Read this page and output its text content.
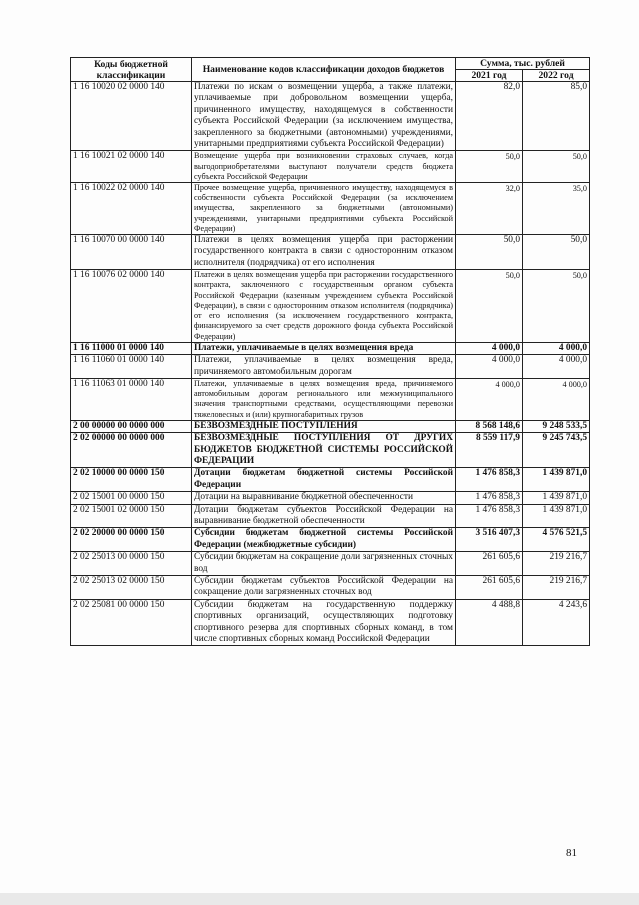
Коды бюджетной классификации	Наименование кодов классификации доходов бюджетов	Сумма, тыс. рублей	
		2021 год	2022 год
1 16 10020 02 0000 140	Платежи по искам о возмещении ущерба, а также платежи, уплачиваемые при добровольном возмещении ущерба, причиненного имуществу, находящемуся в собственности субъекта Российской Федерации (за исключением имущества, закрепленного за бюджетными (автономными) учреждениями, унитарными предприятиями субъекта Российской Федерации)	82,0	85,0
1 16 10021 02 0000 140	Возмещение ущерба при возникновении страховых случаев, когда выгодоприобретателями выступают получатели средств бюджета субъекта Российской Федерации	50,0	50,0
1 16 10022 02 0000 140	Прочее возмещение ущерба, причиненного имуществу, находящемуся в собственности субъекта Российской Федерации (за исключением имущества, закрепленного за бюджетными (автономными) учреждениями, унитарными предприятиями субъекта Российской Федерации)	32,0	35,0
1 16 10070 00 0000 140	Платежи в целях возмещения ущерба при расторжении государственного контракта в связи с односторонним отказом исполнителя (подрядчика) от его исполнения	50,0	50,0
1 16 10076 02 0000 140	Платежи в целях возмещения ущерба при расторжении государственного контракта, заключенного с государственным органом субъекта Российской Федерации (казенным учреждением субъекта Российской Федерации), в связи с односторонним отказом исполнителя (подрядчика) от его исполнения (за исключением государственного контракта, финансируемого за счет средств дорожного фонда субъекта Российской Федерации)	50,0	50,0
1 16 11000 01 0000 140	Платежи, уплачиваемые в целях возмещения вреда	4 000,0	4 000,0
1 16 11060 01 0000 140	Платежи, уплачиваемые в целях возмещения вреда, причиняемого автомобильным дорогам	4 000,0	4 000,0
1 16 11063 01 0000 140	Платежи, уплачиваемые в целях возмещения вреда, причиняемого автомобильным дорогам регионального или межмуниципального значения транспортными средствами, осуществляющими перевозки тяжеловесных и (или) крупногабаритных грузов	4 000,0	4 000,0
2 00 00000 00 0000 000	БЕЗВОЗМЕЗДНЫЕ ПОСТУПЛЕНИЯ	8 568 148,6	9 248 533,5
2 02 00000 00 0000 000	БЕЗВОЗМЕЗДНЫЕ ПОСТУПЛЕНИЯ ОТ ДРУГИХ БЮДЖЕТОВ БЮДЖЕТНОЙ СИСТЕМЫ РОССИЙСКОЙ ФЕДЕРАЦИИ	8 559 117,9	9 245 743,5
2 02 10000 00 0000 150	Дотации бюджетам бюджетной системы Российской Федерации	1 476 858,3	1 439 871,0
2 02 15001 00 0000 150	Дотации на выравнивание бюджетной обеспеченности	1 476 858,3	1 439 871,0
2 02 15001 02 0000 150	Дотации бюджетам субъектов Российской Федерации на выравнивание бюджетной обеспеченности	1 476 858,3	1 439 871,0
2 02 20000 00 0000 150	Субсидии бюджетам бюджетной системы Российской Федерации (межбюджетные субсидии)	3 516 407,3	4 576 521,5
2 02 25013 00 0000 150	Субсидии бюджетам на сокращение доли загрязненных сточных вод	261 605,6	219 216,7
2 02 25013 02 0000 150	Субсидии бюджетам субъектов Российской Федерации на сокращение доли загрязненных сточных вод	261 605,6	219 216,7
2 02 25081 00 0000 150	Субсидии бюджетам на государственную поддержку спортивных организаций, осуществляющих подготовку спортивного резерва для спортивных сборных команд, в том числе спортивных сборных команд Российской Федерации	4 488,8	4 243,6
81
